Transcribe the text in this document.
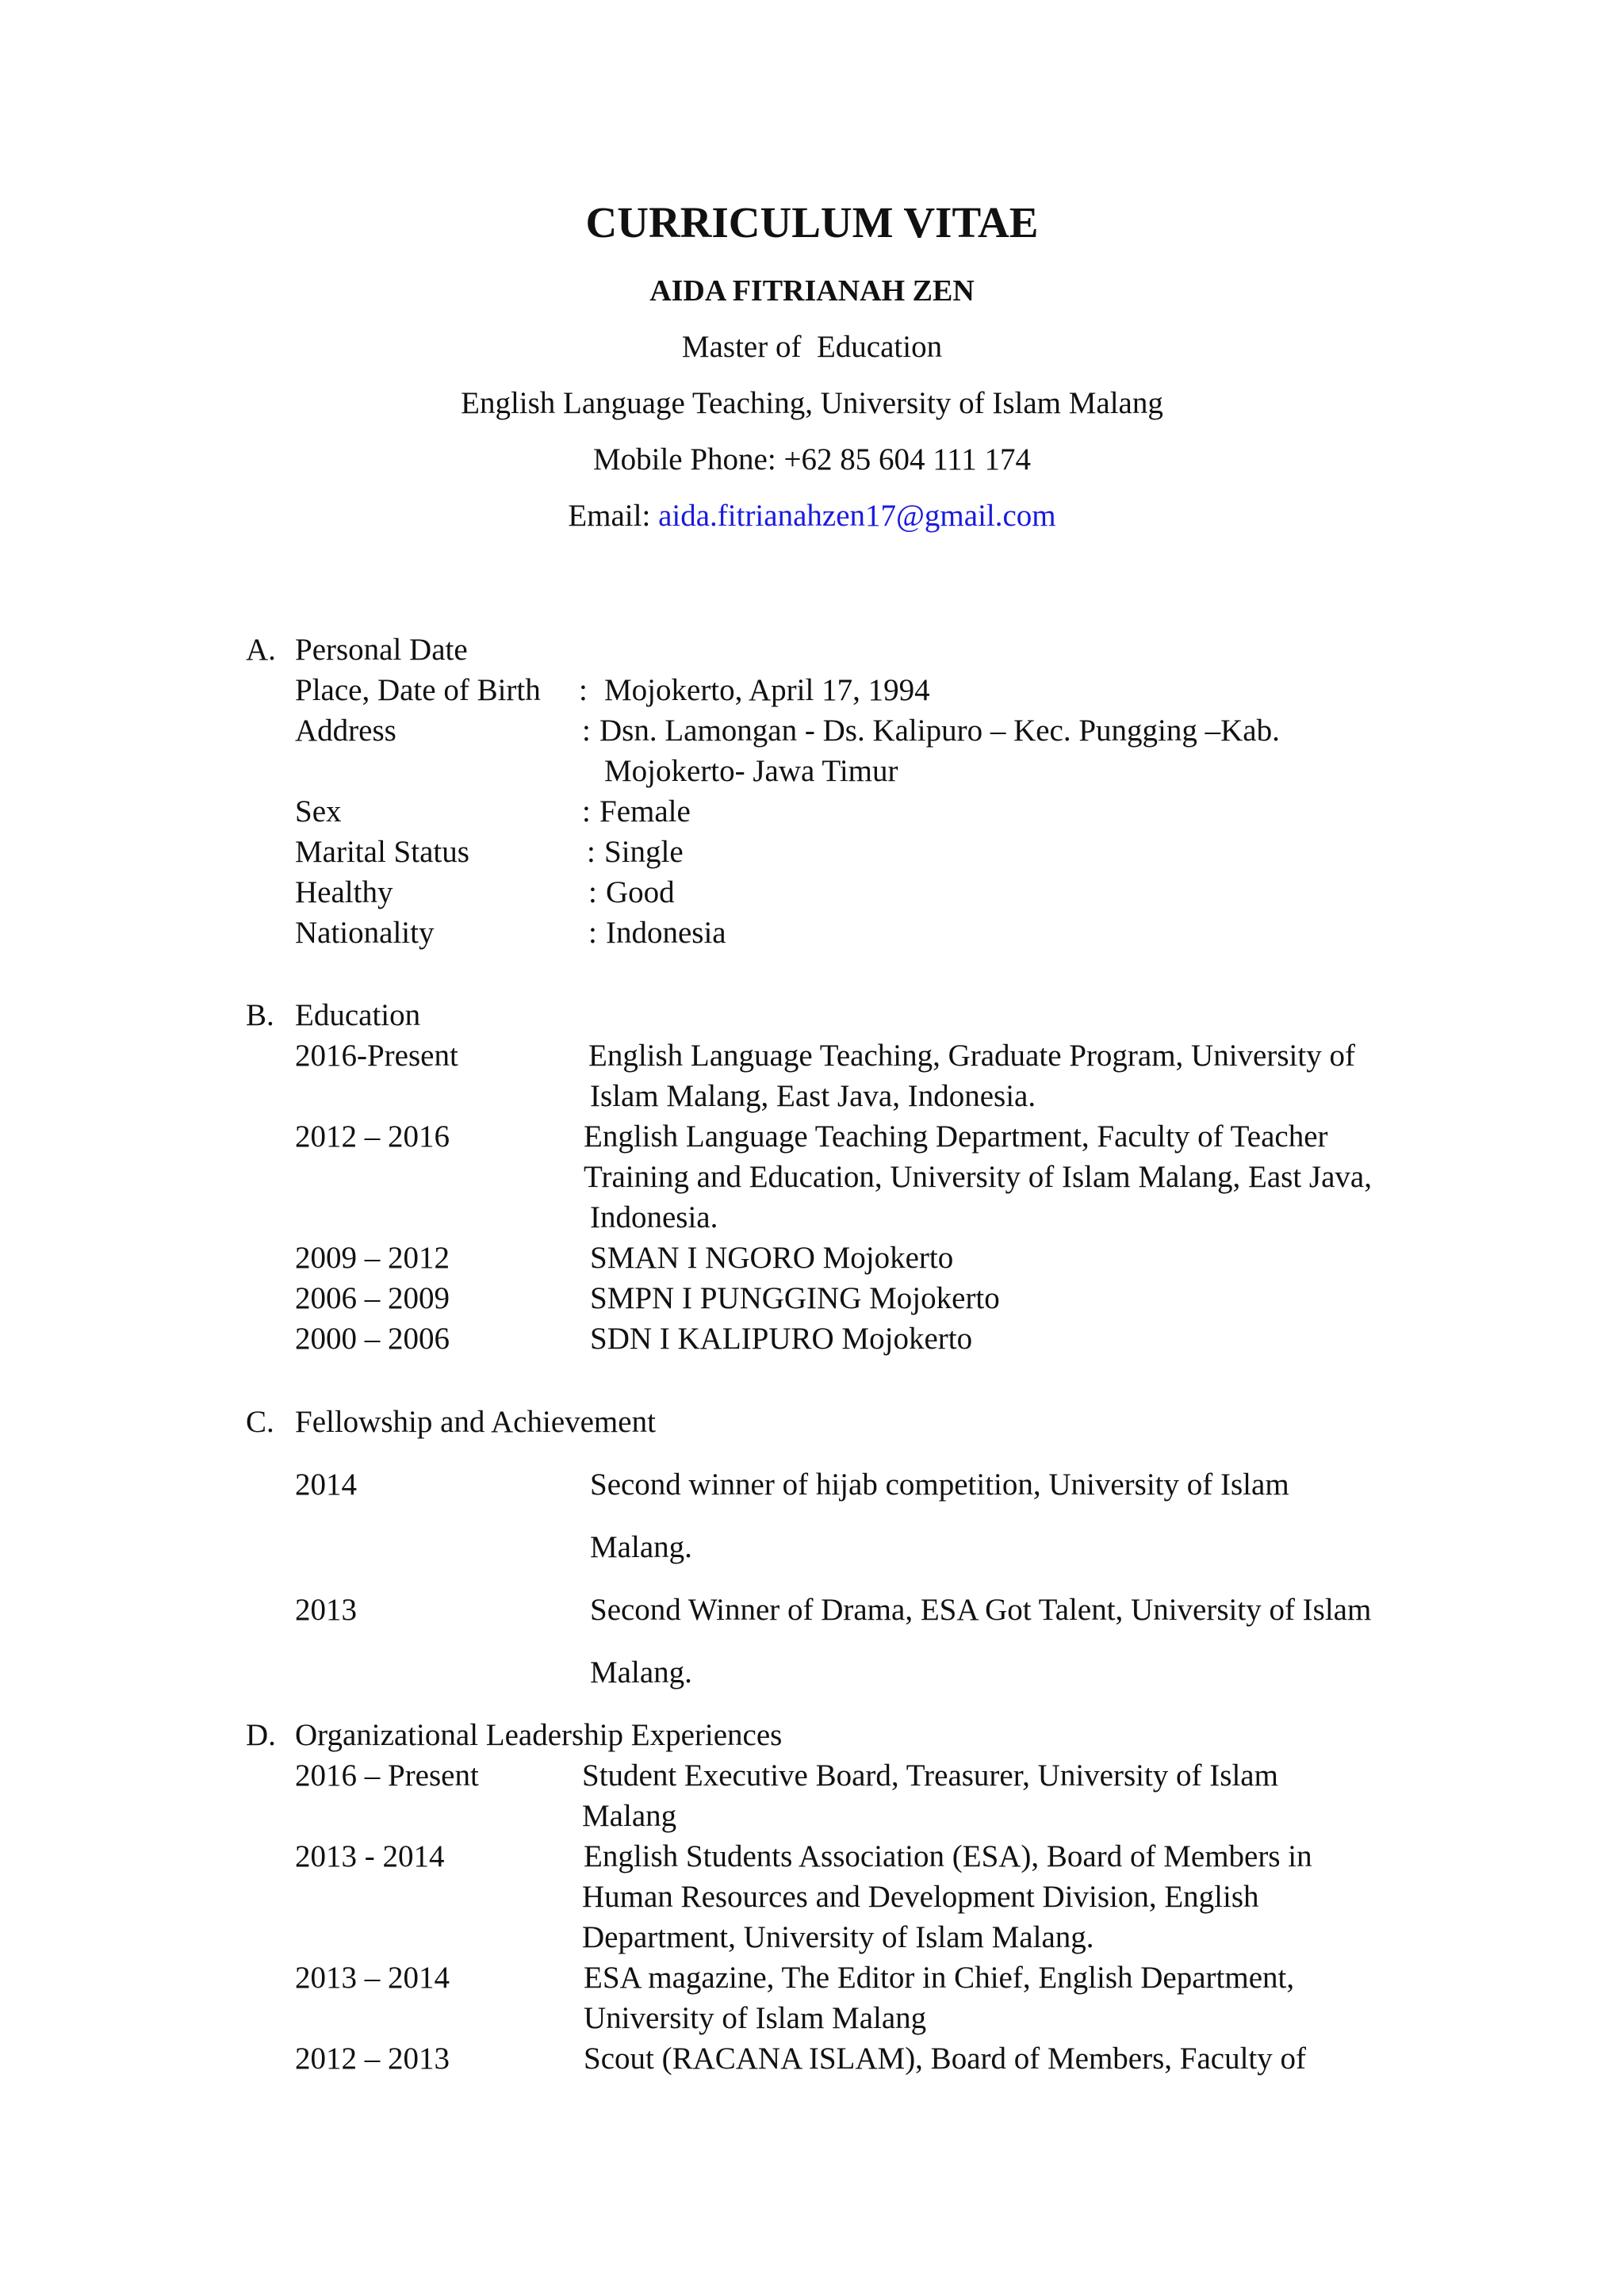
CURRICULUM VITAE
AIDA FITRIANAH ZEN
Master of  Education
English Language Teaching, University of Islam Malang
Mobile Phone: +62 85 604 111 174
Email: aida.fitrianahzen17@gmail.com
A. Personal Date
Place, Date of Birth : Mojokerto, April 17, 1994
Address	: Dsn. Lamongan - Ds. Kalipuro – Kec. Pungging –Kab.
Mojokerto- Jawa Timur
Sex	: Female
Marital Status	: Single
Healthy	: Good
Nationality	: Indonesia
B. Education
2016-Present	English Language Teaching, Graduate Program, University of
Islam Malang, East Java, Indonesia.
2012 – 2016	English Language Teaching Department, Faculty of Teacher
Training and Education, University of Islam Malang, East Java,
Indonesia.
2009 – 2012	SMAN I NGORO Mojokerto
2006 – 2009	SMPN I PUNGGING Mojokerto
2000 – 2006	SDN I KALIPURO Mojokerto
C. Fellowship and Achievement
2014	Second winner of hijab competition, University of Islam
Malang.
2013	Second Winner of Drama, ESA Got Talent, University of Islam
Malang.
D. Organizational Leadership Experiences
2016 – Present	Student Executive Board, Treasurer, University of Islam
Malang
2013 - 2014	English Students Association (ESA), Board of Members in
Human Resources and Development Division, English
Department, University of Islam Malang.
2013 – 2014	ESA magazine, The Editor in Chief, English Department,
University of Islam Malang
2012 – 2013	Scout (RACANA ISLAM), Board of Members, Faculty of
